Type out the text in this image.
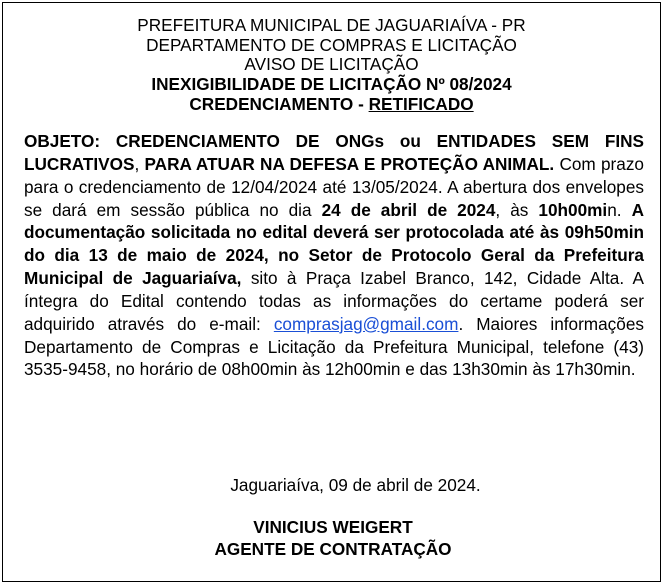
PREFEITURA MUNICIPAL DE JAGUARIAÍVA - PR
DEPARTAMENTO DE COMPRAS E LICITAÇÃO
AVISO DE LICITAÇÃO
INEXIGIBILIDADE DE LICITAÇÃO Nº 08/2024
CREDENCIAMENTO - RETIFICADO
OBJETO: CREDENCIAMENTO DE ONGs ou ENTIDADES SEM FINS LUCRATIVOS, PARA ATUAR NA DEFESA E PROTEÇÃO ANIMAL. Com prazo para o credenciamento de 12/04/2024 até 13/05/2024. A abertura dos envelopes se dará em sessão pública no dia 24 de abril de 2024, às 10h00min. A documentação solicitada no edital deverá ser protocolada até às 09h50min do dia 13 de maio de 2024, no Setor de Protocolo Geral da Prefeitura Municipal de Jaguariaíva, sito à Praça Izabel Branco, 142, Cidade Alta. A íntegra do Edital contendo todas as informações do certame poderá ser adquirido através do e-mail: comprasjag@gmail.com. Maiores informações Departamento de Compras e Licitação da Prefeitura Municipal, telefone (43) 3535-9458, no horário de 08h00min às 12h00min e das 13h30min às 17h30min.
Jaguariaíva, 09 de abril de 2024.
VINICIUS WEIGERT
AGENTE DE CONTRATAÇÃO
